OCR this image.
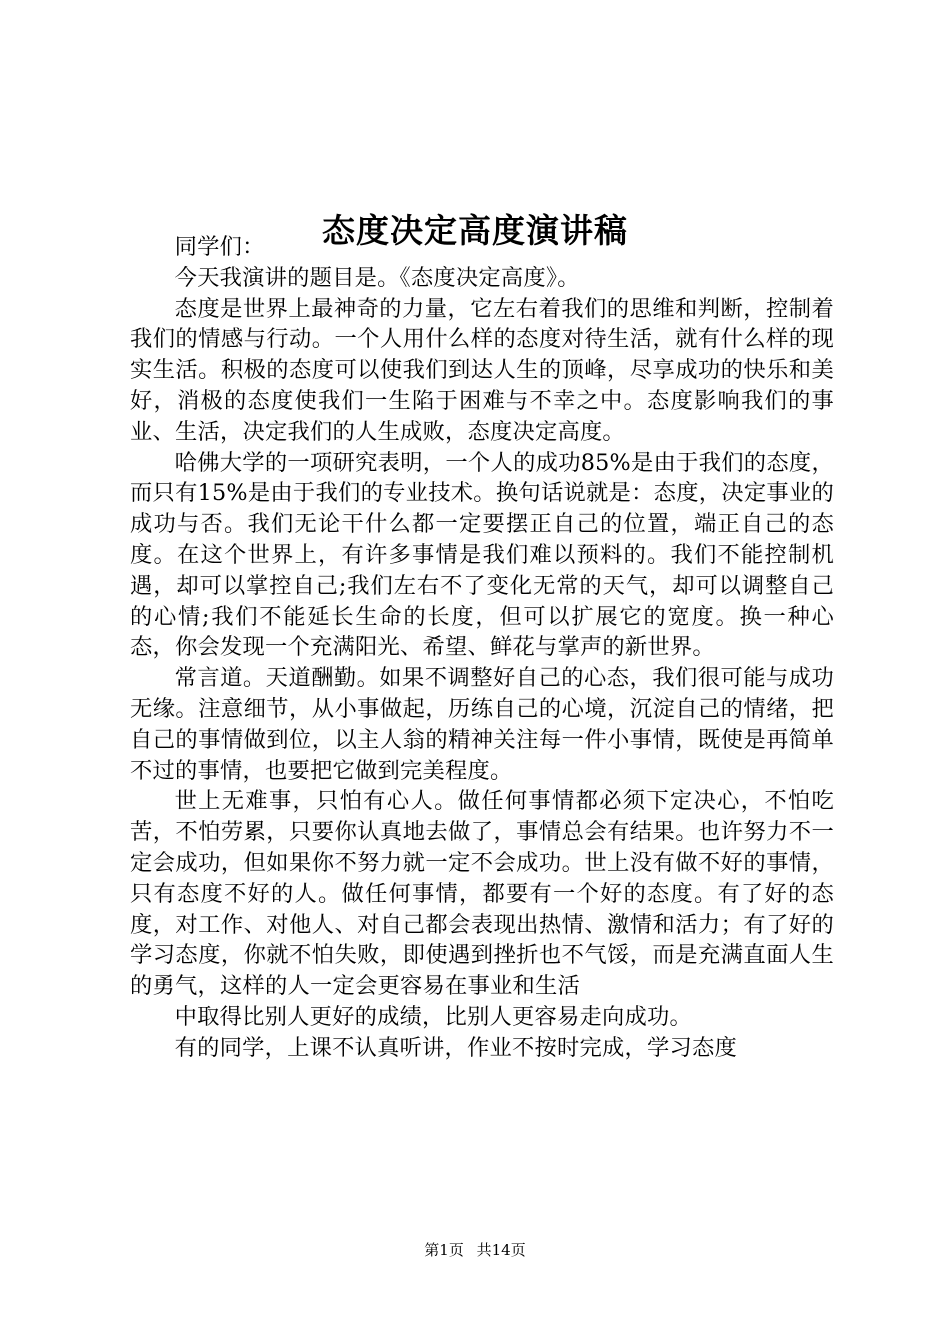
态度决定高度演讲稿

同学们：

今天我演讲的题目是。《态度决定高度》。

态度是世界上最神奇的力量，它左右着我们的思维和判断，控制着我们的情感与行动。一个人用什么样的态度对待生活，就有什么样的现实生活。积极的态度可以使我们到达人生的顶峰，尽享成功的快乐和美好，消极的态度使我们一生陷于困难与不幸之中。态度影响我们的事业、生活，决定我们的人生成败，态度决定高度。

哈佛大学的一项研究表明，一个人的成功85%是由于我们的态度，而只有15%是由于我们的专业技术。换句话说就是：态度，决定事业的成功与否。我们无论干什么都一定要摆正自己的位置，端正自己的态度。在这个世界上，有许多事情是我们难以预料的。我们不能控制机遇，却可以掌控自己;我们左右不了变化无常的天气，却可以调整自己的心情;我们不能延长生命的长度，但可以扩展它的宽度。换一种心态，你会发现一个充满阳光、希望、鲜花与掌声的新世界。

常言道。天道酬勤。如果不调整好自己的心态，我们很可能与成功无缘。注意细节，从小事做起，历练自己的心境，沉淀自己的情绪，把自己的事情做到位，以主人翁的精神关注每一件小事情，既使是再简单不过的事情，也要把它做到完美程度。

世上无难事，只怕有心人。做任何事情都必须下定决心，不怕吃苦，不怕劳累，只要你认真地去做了，事情总会有结果。也许努力不一定会成功，但如果你不努力就一定不会成功。世上没有做不好的事情，只有态度不好的人。做任何事情，都要有一个好的态度。有了好的态度，对工作、对他人、对自己都会表现出热情、激情和活力；有了好的学习态度，你就不怕失败，即使遇到挫折也不气馁，而是充满直面人生的勇气，这样的人一定会更容易在事业和生活

中取得比别人更好的成绩，比别人更容易走向成功。

有的同学，上课不认真听讲，作业不按时完成，学习态度

第1页 共14页
